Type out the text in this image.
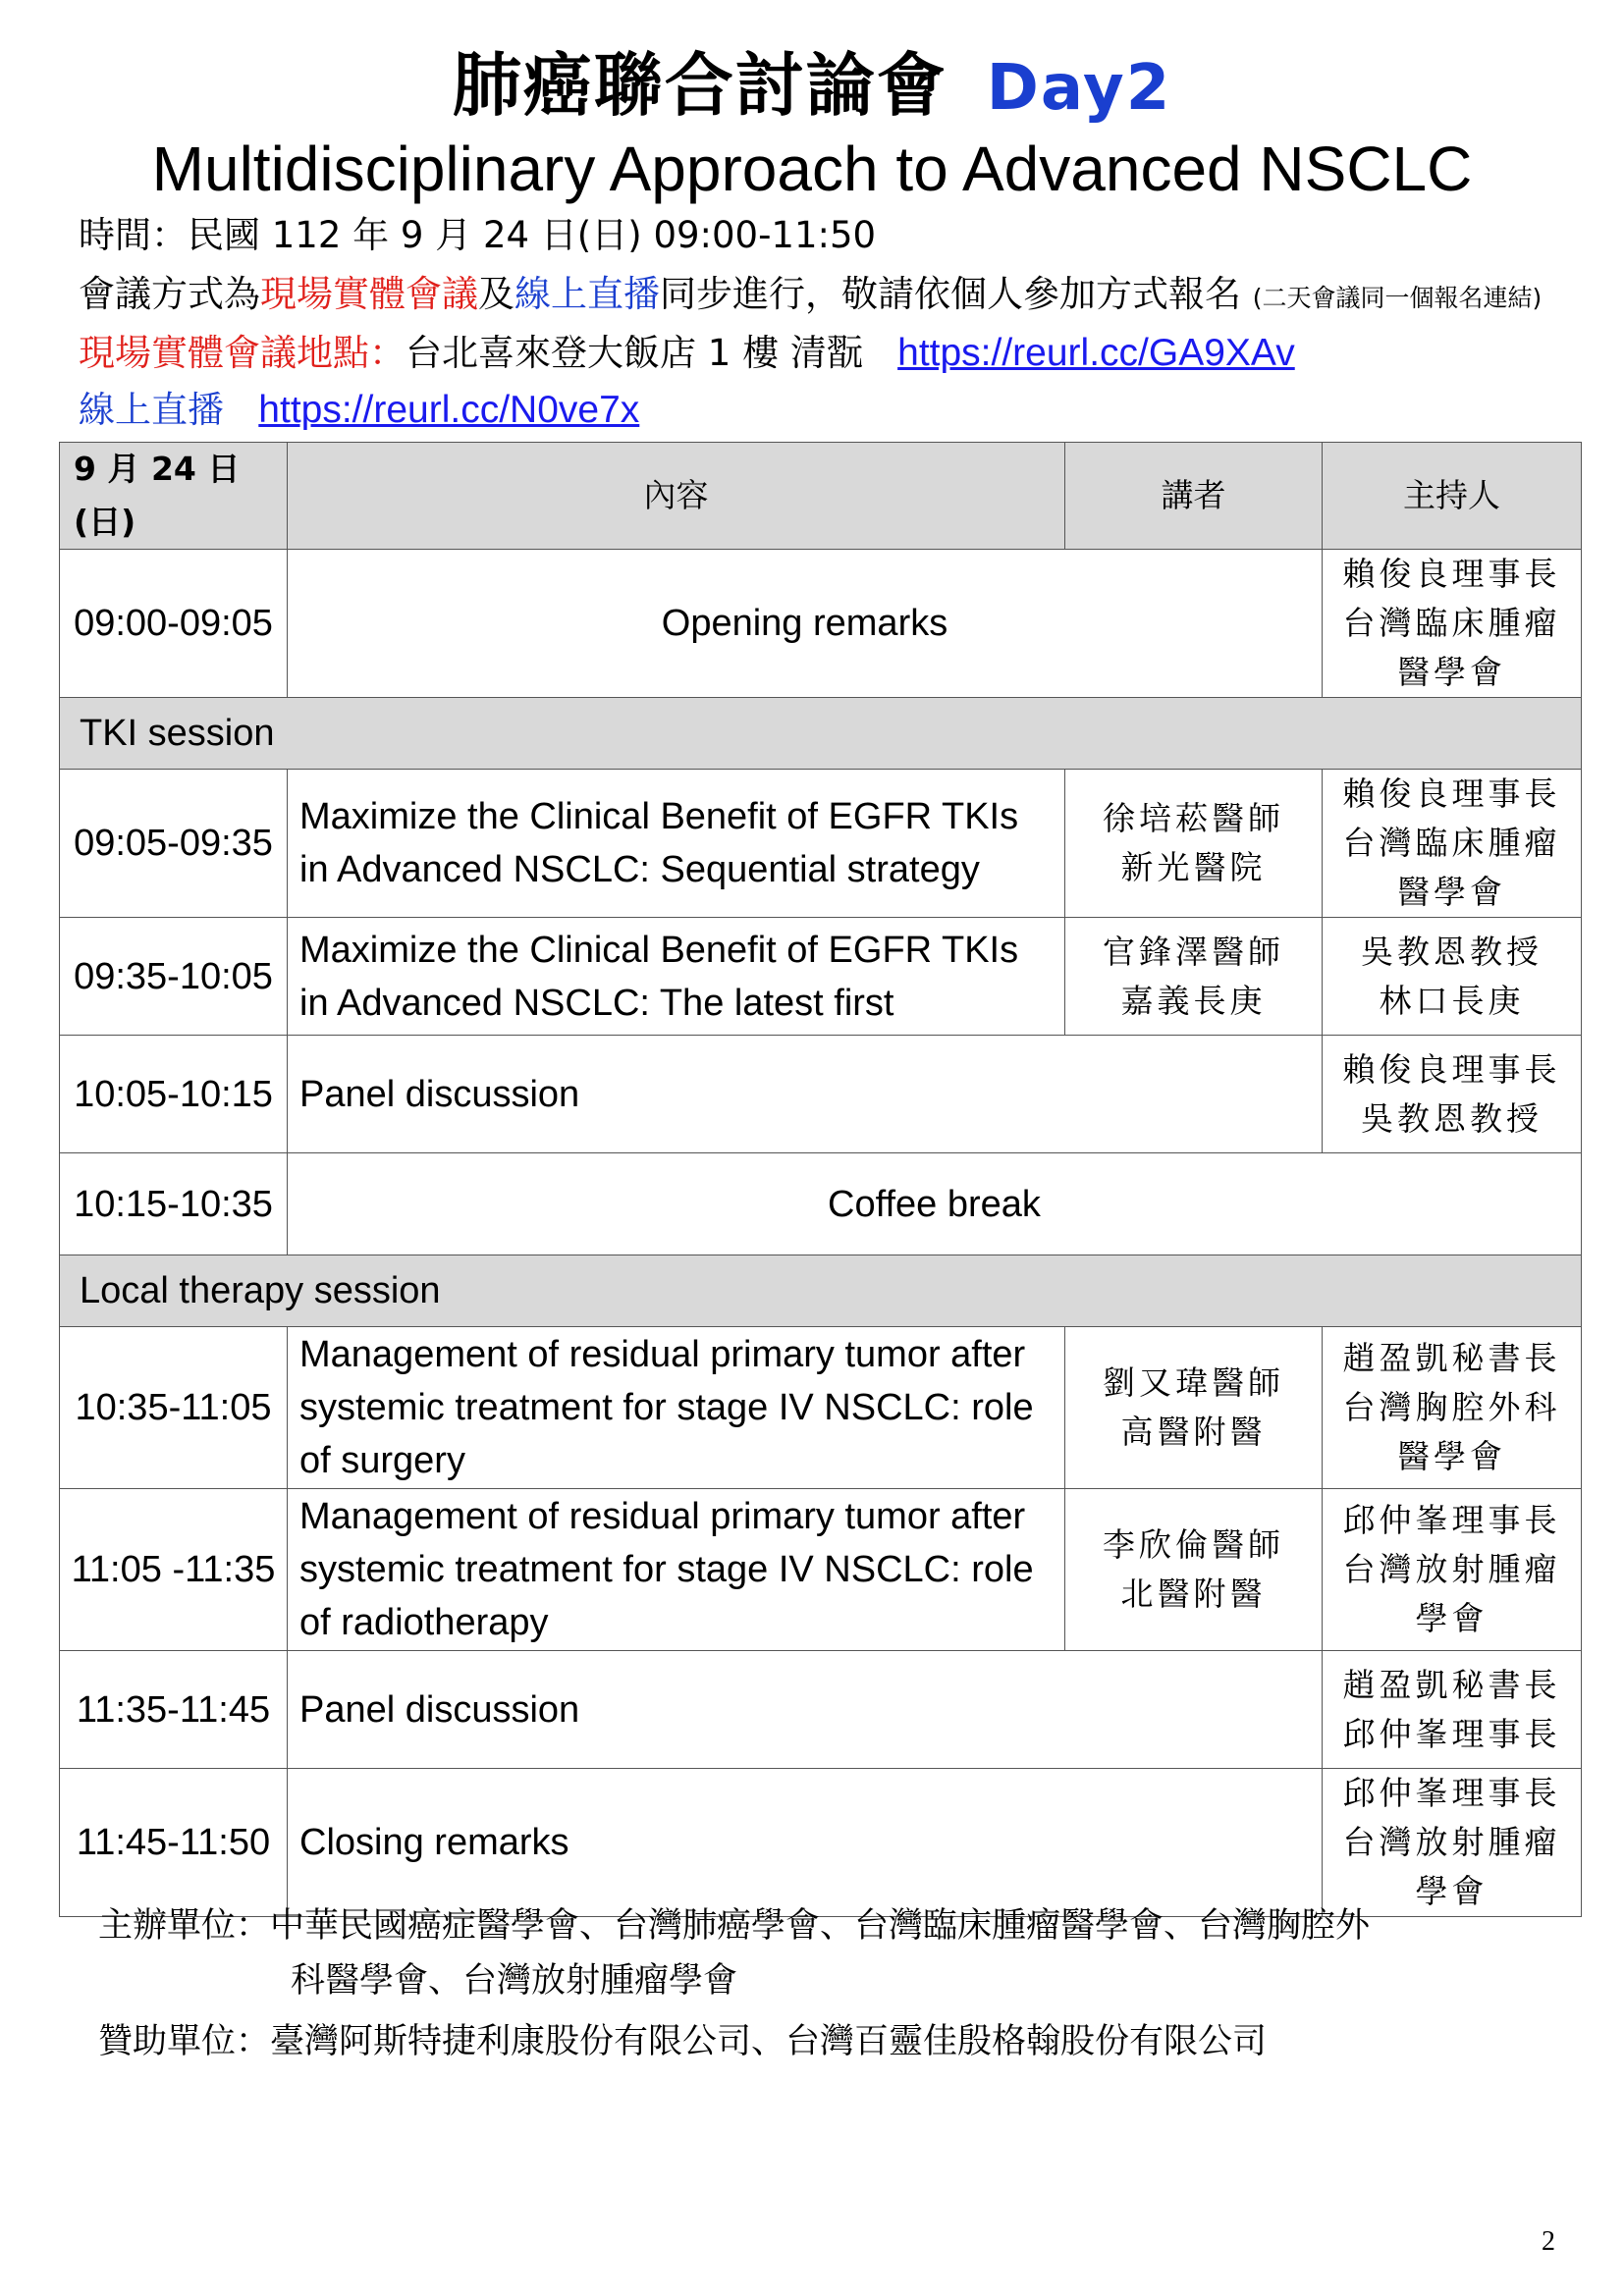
肺癌聯合討論會 Day2
Multidisciplinary Approach to Advanced NSCLC
時間：民國 112 年 9 月 24 日(日) 09:00-11:50
會議方式為現場實體會議及線上直播同步進行，敬請依個人參加方式報名 (二天會議同一個報名連結)
現場實體會議地點：台北喜來登大飯店 1 樓 清翫 https://reurl.cc/GA9XAv
線上直播 https://reurl.cc/N0ve7x
9 月 24 日(日)	內容	講者	主持人
09:00-09:05	Opening remarks		賴俊良理事長
台灣臨床腫瘤
醫學會
TKI session			
09:05-09:35	Maximize the Clinical Benefit of EGFR TKIs in Advanced NSCLC: Sequential strategy	徐培菘醫師
新光醫院	賴俊良理事長
台灣臨床腫瘤
醫學會
09:35-10:05	Maximize the Clinical Benefit of EGFR TKIs in Advanced NSCLC: The latest first	官鋒澤醫師
嘉義長庚	吳教恩教授
林口長庚
10:05-10:15	Panel discussion		賴俊良理事長
吳教恩教授
10:15-10:35	Coffee break		
Local therapy session			
10:35-11:05	Management of residual primary tumor after systemic treatment for stage IV NSCLC: role of surgery	劉又瑋醫師
高醫附醫	趙盈凱秘書長
台灣胸腔外科
醫學會
11:05 -11:35	Management of residual primary tumor after systemic treatment for stage IV NSCLC: role of radiotherapy	李欣倫醫師
北醫附醫	邱仲峯理事長
台灣放射腫瘤
學會
11:35-11:45	Panel discussion		趙盈凱秘書長
邱仲峯理事長
11:45-11:50	Closing remarks		邱仲峯理事長
台灣放射腫瘤
學會
主辦單位：中華民國癌症醫學會、台灣肺癌學會、台灣臨床腫瘤醫學會、台灣胸腔外
科醫學會、台灣放射腫瘤學會
贊助單位：臺灣阿斯特捷利康股份有限公司、台灣百靈佳殷格翰股份有限公司
2
